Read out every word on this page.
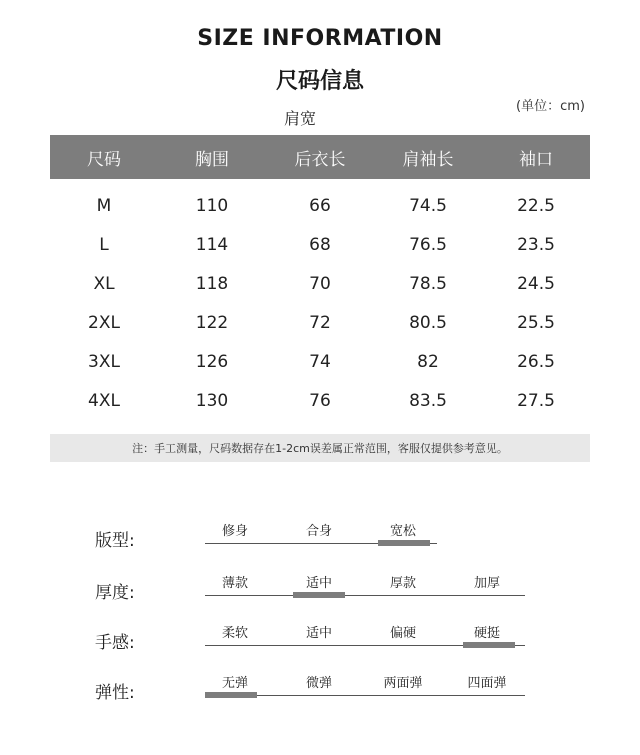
SIZE INFORMATION
尺码信息
肩宽
(单位：cm)
尺码	胸围	后衣长	肩袖长	袖口
M	110	66	74.5	22.5
L	114	68	76.5	23.5
XL	118	70	78.5	24.5
2XL	122	72	80.5	25.5
3XL	126	74	82	26.5
4XL	130	76	83.5	27.5
注：手工测量，尺码数据存在1-2cm误差属正常范围，客服仅提供参考意见。
版型:	修身	合身	宽松
厚度:	薄款	适中	厚款	加厚
手感:	柔软	适中	偏硬	硬挺
弹性:	无弹	微弹	两面弹	四面弹
